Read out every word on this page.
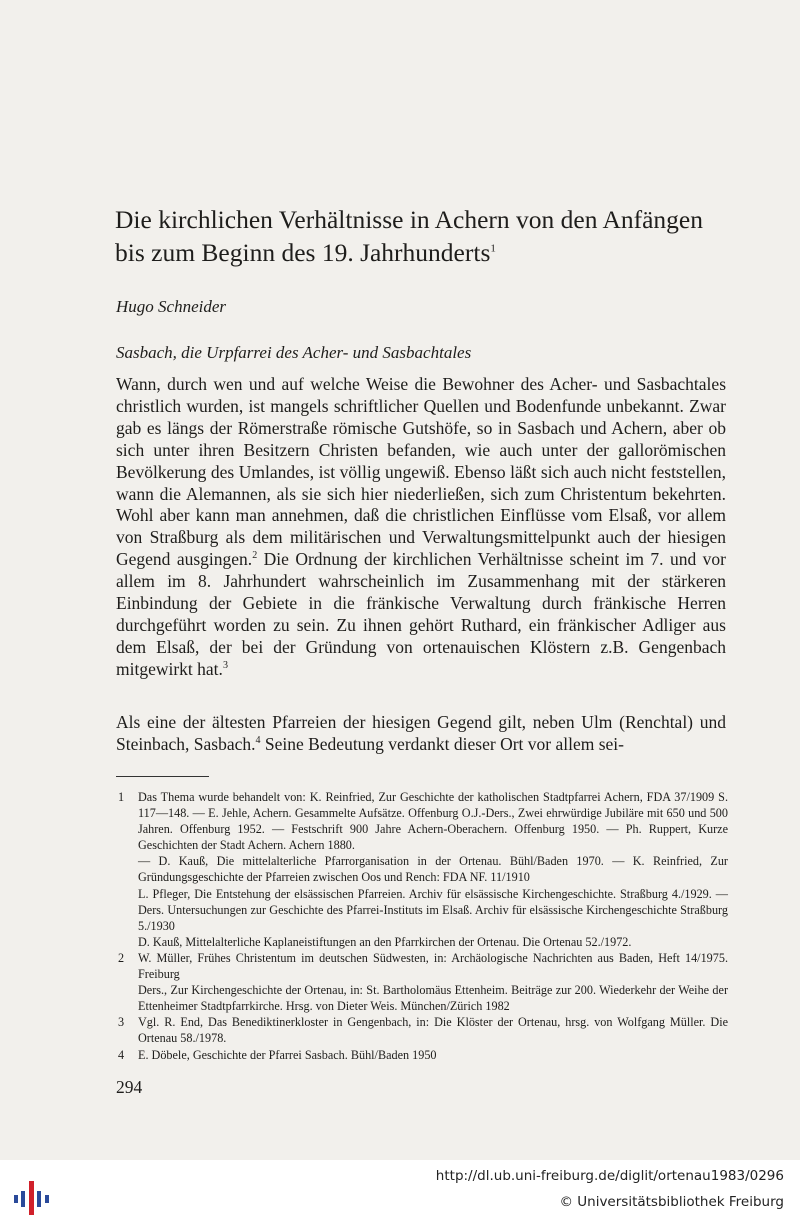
Die kirchlichen Verhältnisse in Achern von den Anfängen
bis zum Beginn des 19. Jahrhunderts$^1$
Hugo Schneider
Sasbach, die Urpfarrei des Acher- und Sasbachtales

Wann, durch wen und auf welche Weise die Bewohner des Acher- und Sasbachtales christlich wurden, ist mangels schriftlicher Quellen und Bodenfunde unbekannt. Zwar gab es längs der Römerstraße römische Gutshöfe, so in Sasbach und Achern, aber ob sich unter ihren Besitzern Christen befanden, wie auch unter der gallorömischen Bevölkerung des Umlandes, ist völlig ungewiß. Ebenso läßt sich auch nicht feststellen, wann die Alemannen, als sie sich hier niederließen, sich zum Christentum bekehrten. Wohl aber kann man annehmen, daß die christlichen Einflüsse vom Elsaß, vor allem von Straßburg als dem militärischen und Verwaltungsmittelpunkt auch der hiesigen Gegend ausgingen.$^2$ Die Ordnung der kirchlichen Verhältnisse scheint im 7. und vor allem im 8. Jahrhundert wahrscheinlich im Zusammenhang mit der stärkeren Einbindung der Gebiete in die fränkische Verwaltung durch fränkische Herren durchgeführt worden zu sein. Zu ihnen gehört Ruthard, ein fränkischer Adliger aus dem Elsaß, der bei der Gründung von ortenauischen Klöstern z.B. Gengenbach mitgewirkt hat.$^3$

Als eine der ältesten Pfarreien der hiesigen Gegend gilt, neben Ulm (Renchtal) und Steinbach, Sasbach.$^4$ Seine Bedeutung verdankt dieser Ort vor allem sei-

1 Das Thema wurde behandelt von: K. Reinfried, Zur Geschichte der katholischen Stadtpfarrei Achern, FDA 37/1909 S. 117—148. — E. Jehle, Achern. Gesammelte Aufsätze. Offenburg O.J.-Ders., Zwei ehrwürdige Jubiläre mit 650 und 500 Jahren. Offenburg 1952. — Festschrift 900 Jahre Achern-Oberachern. Offenburg 1950. — Ph. Ruppert, Kurze Geschichten der Stadt Achern. Achern 1880.
— D. Kauß, Die mittelalterliche Pfarrorganisation in der Ortenau. Bühl/Baden 1970. — K. Reinfried, Zur Gründungsgeschichte der Pfarreien zwischen Oos und Rench: FDA NF. 11/1910
L. Pfleger, Die Entstehung der elsässischen Pfarreien. Archiv für elsässische Kirchengeschichte. Straßburg 4./1929. — Ders. Untersuchungen zur Geschichte des Pfarrei-Instituts im Elsaß. Archiv für elsässische Kirchengeschichte Straßburg 5./1930
D. Kauß, Mittelalterliche Kaplaneistiftungen an den Pfarrkirchen der Ortenau. Die Ortenau 52./1972.
2 W. Müller, Frühes Christentum im deutschen Südwesten, in: Archäologische Nachrichten aus Baden, Heft 14/1975. Freiburg
Ders., Zur Kirchengeschichte der Ortenau, in: St. Bartholomäus Ettenheim. Beiträge zur 200. Wiederkehr der Weihe der Ettenheimer Stadtpfarrkirche. Hrsg. von Dieter Weis. München/Zürich 1982
3 Vgl. R. End, Das Benediktinerkloster in Gengenbach, in: Die Klöster der Ortenau, hrsg. von Wolfgang Müller. Die Ortenau 58./1978.
4 E. Döbele, Geschichte der Pfarrei Sasbach. Bühl/Baden 1950
294
http://dl.ub.uni-freiburg.de/diglit/ortenau1983/0296
© Universitätsbibliothek Freiburg
